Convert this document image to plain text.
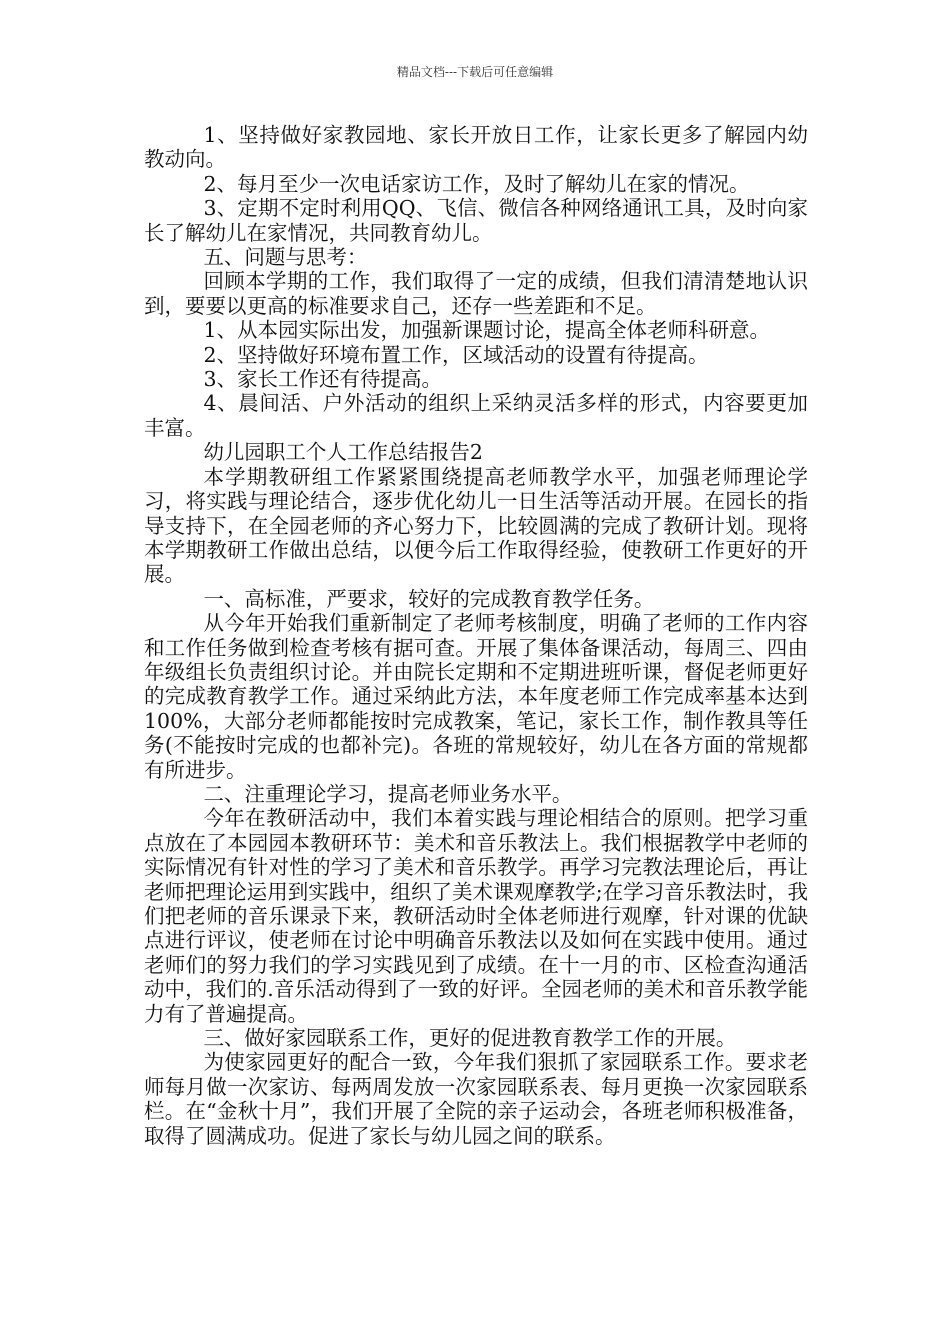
精品文档---下载后可任意编辑

1、坚持做好家教园地、家长开放日工作，让家长更多了解园内幼教动向。

2、每月至少一次电话家访工作，及时了解幼儿在家的情况。

3、定期不定时利用QQ、飞信、微信各种网络通讯工具，及时向家长了解幼儿在家情况，共同教育幼儿。

五、问题与思考：

回顾本学期的工作，我们取得了一定的成绩，但我们清清楚地认识到，要要以更高的标准要求自己，还存一些差距和不足。

1、从本园实际出发，加强新课题讨论，提高全体老师科研意。

2、坚持做好环境布置工作，区域活动的设置有待提高。

3、家长工作还有待提高。

4、晨间活、户外活动的组织上采纳灵活多样的形式，内容要更加丰富。

幼儿园职工个人工作总结报告2

本学期教研组工作紧紧围绕提高老师教学水平，加强老师理论学习，将实践与理论结合，逐步优化幼儿一日生活等活动开展。在园长的指导支持下，在全园老师的齐心努力下，比较圆满的完成了教研计划。现将本学期教研工作做出总结，以便今后工作取得经验，使教研工作更好的开展。

一、高标准，严要求，较好的完成教育教学任务。

从今年开始我们重新制定了老师考核制度，明确了老师的工作内容和工作任务做到检查考核有据可查。开展了集体备课活动，每周三、四由年级组长负责组织讨论。并由院长定期和不定期进班听课，督促老师更好的完成教育教学工作。通过采纳此方法，本年度老师工作完成率基本达到100%，大部分老师都能按时完成教案，笔记，家长工作，制作教具等任务(不能按时完成的也都补完)。各班的常规较好，幼儿在各方面的常规都有所进步。

二、注重理论学习，提高老师业务水平。

今年在教研活动中，我们本着实践与理论相结合的原则。把学习重点放在了本园园本教研环节：美术和音乐教法上。我们根据教学中老师的实际情况有针对性的学习了美术和音乐教学。再学习完教法理论后，再让老师把理论运用到实践中，组织了美术课观摩教学;在学习音乐教法时，我们把老师的音乐课录下来，教研活动时全体老师进行观摩，针对课的优缺点进行评议，使老师在讨论中明确音乐教法以及如何在实践中使用。通过老师们的努力我们的学习实践见到了成绩。在十一月的市、区检查沟通活动中，我们的.音乐活动得到了一致的好评。全园老师的美术和音乐教学能力有了普遍提高。

三、做好家园联系工作，更好的促进教育教学工作的开展。

为使家园更好的配合一致，今年我们狠抓了家园联系工作。要求老师每月做一次家访、每两周发放一次家园联系表、每月更换一次家园联系栏。在“金秋十月”，我们开展了全院的亲子运动会，各班老师积极准备，取得了圆满成功。促进了家长与幼儿园之间的联系。
